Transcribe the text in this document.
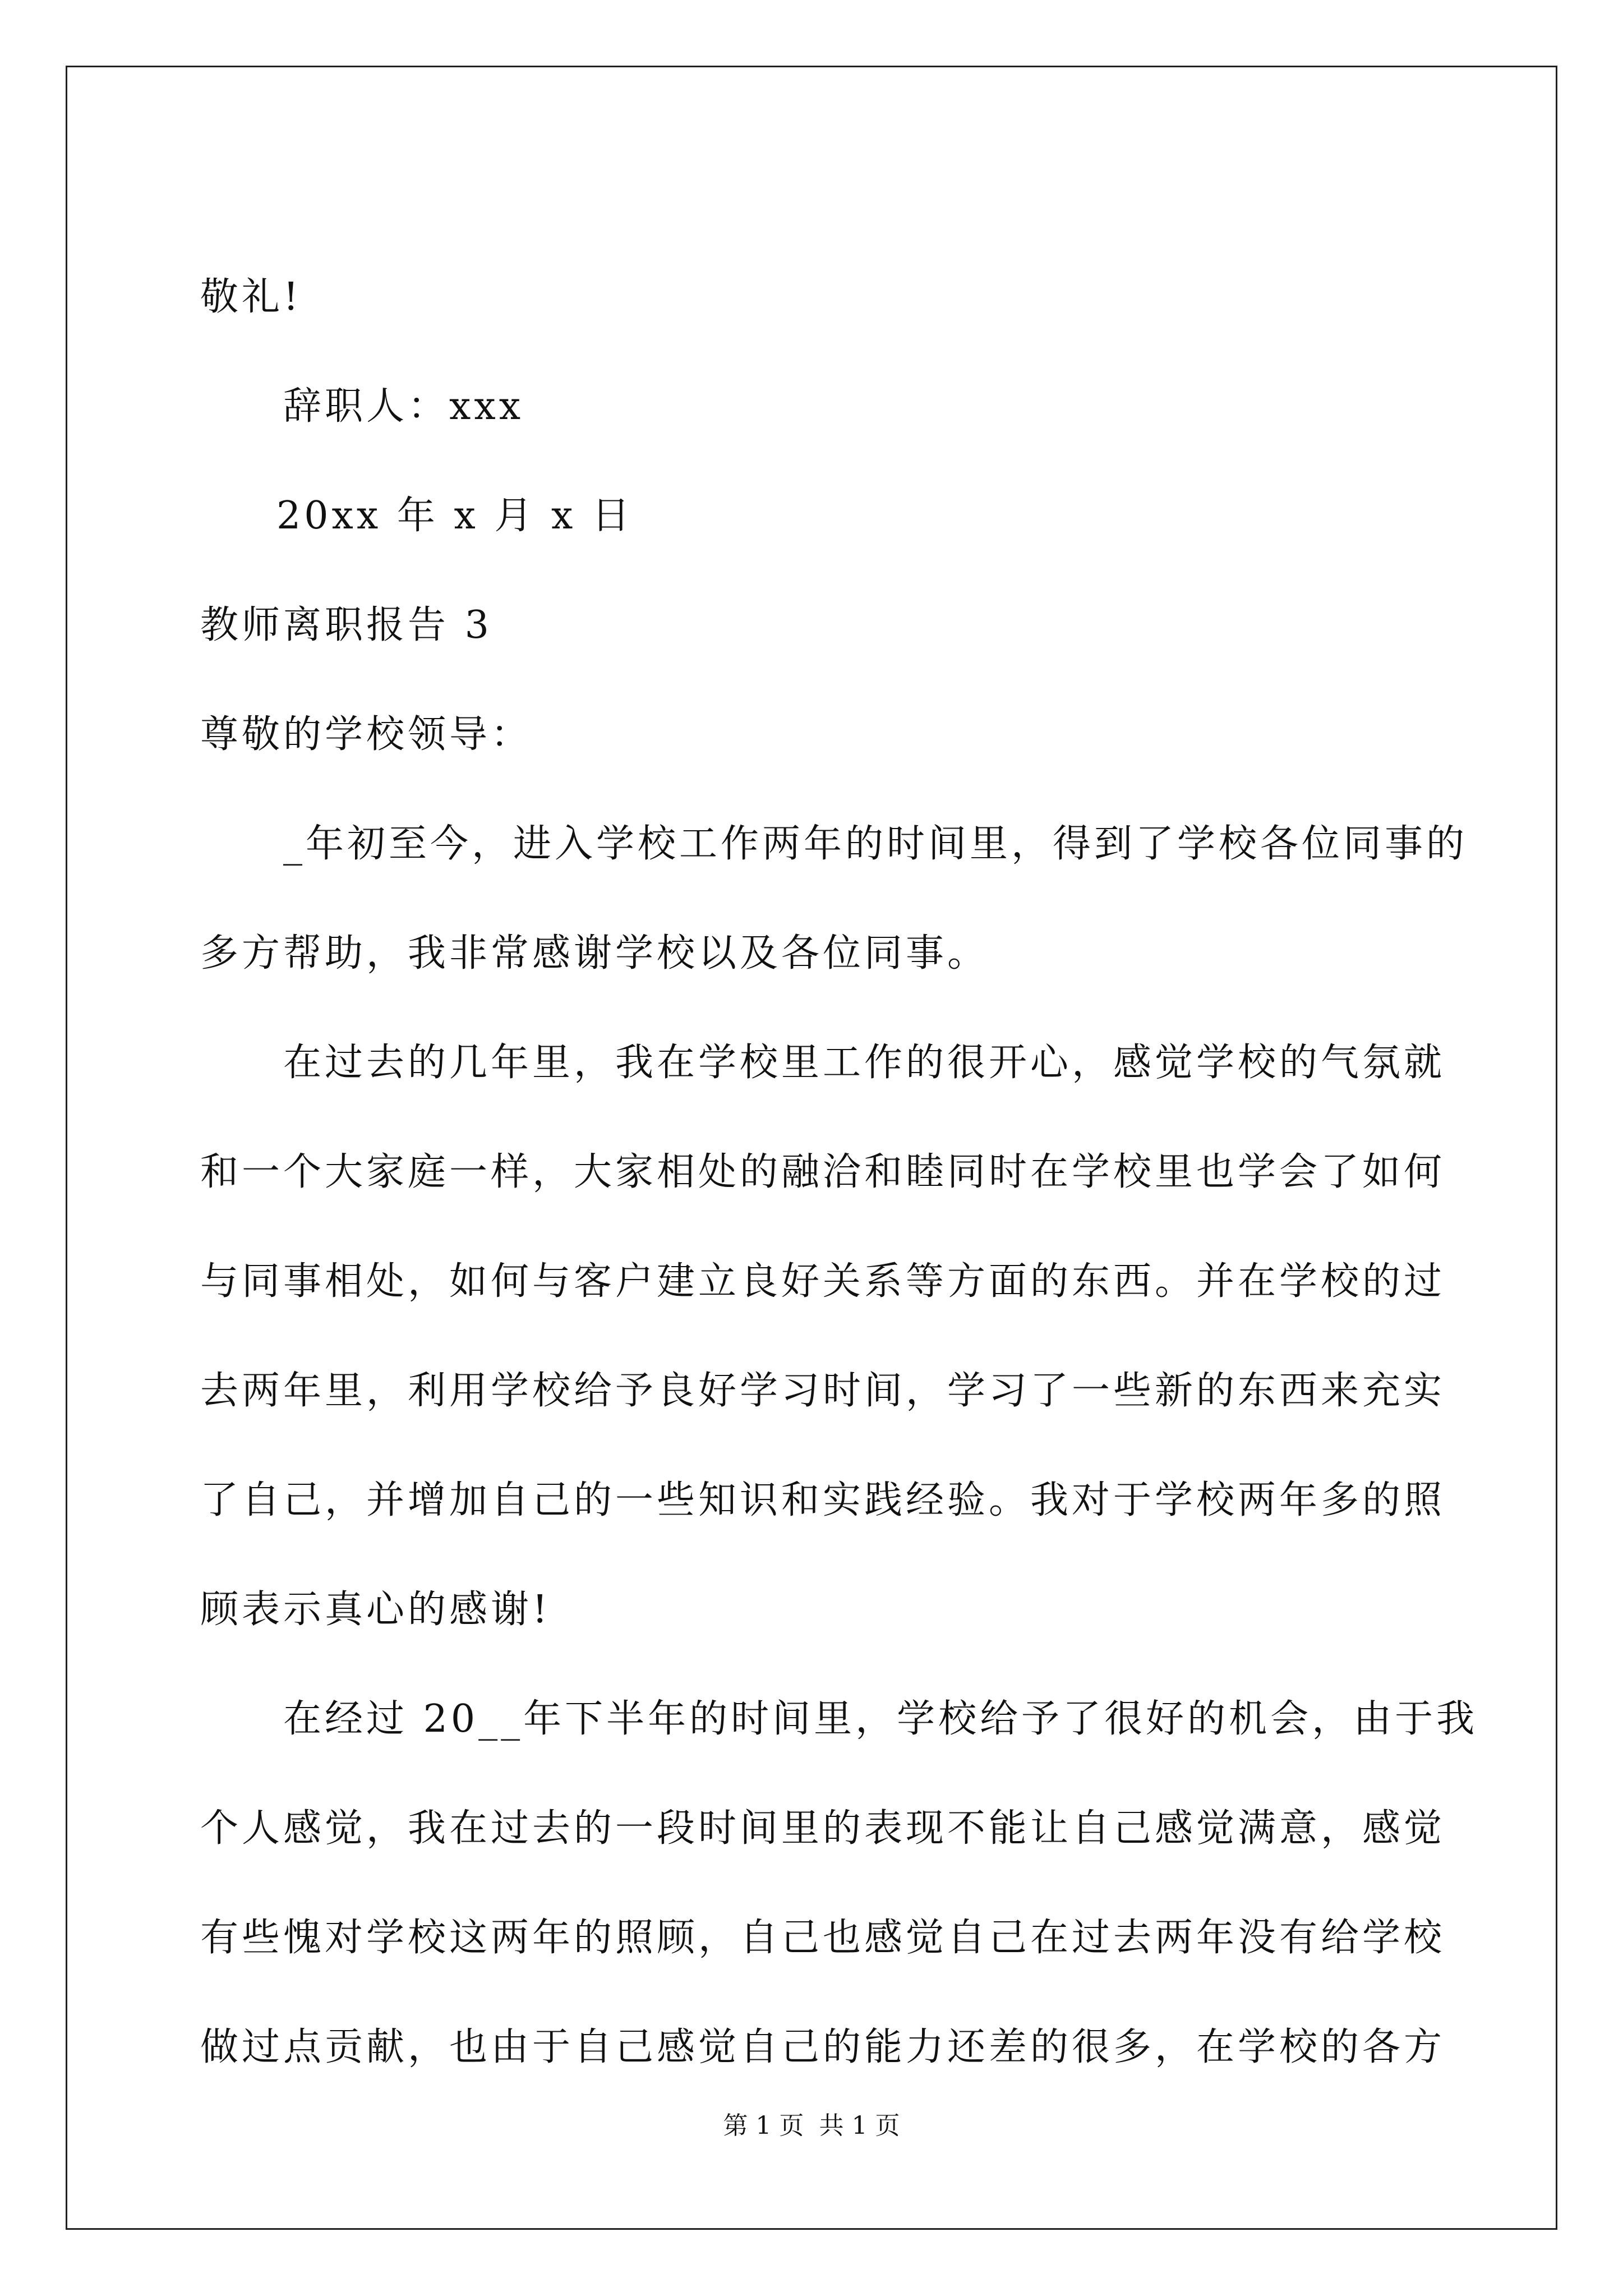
敬礼!
辞职人：xxx
20xx 年 x 月 x 日
教师离职报告 3
尊敬的学校领导：
_年初至今，进入学校工作两年的时间里，得到了学校各位同事的
多方帮助，我非常感谢学校以及各位同事。
在过去的几年里，我在学校里工作的很开心，感觉学校的气氛就
和一个大家庭一样，大家相处的融洽和睦同时在学校里也学会了如何
与同事相处，如何与客户建立良好关系等方面的东西。并在学校的过
去两年里，利用学校给予良好学习时间，学习了一些新的东西来充实
了自己，并增加自己的一些知识和实践经验。我对于学校两年多的照
顾表示真心的感谢!
在经过 20__年下半年的时间里，学校给予了很好的机会，由于我
个人感觉，我在过去的一段时间里的表现不能让自己感觉满意，感觉
有些愧对学校这两年的照顾，自己也感觉自己在过去两年没有给学校
做过点贡献，也由于自己感觉自己的能力还差的很多，在学校的各方
第 1 页 共 1 页
